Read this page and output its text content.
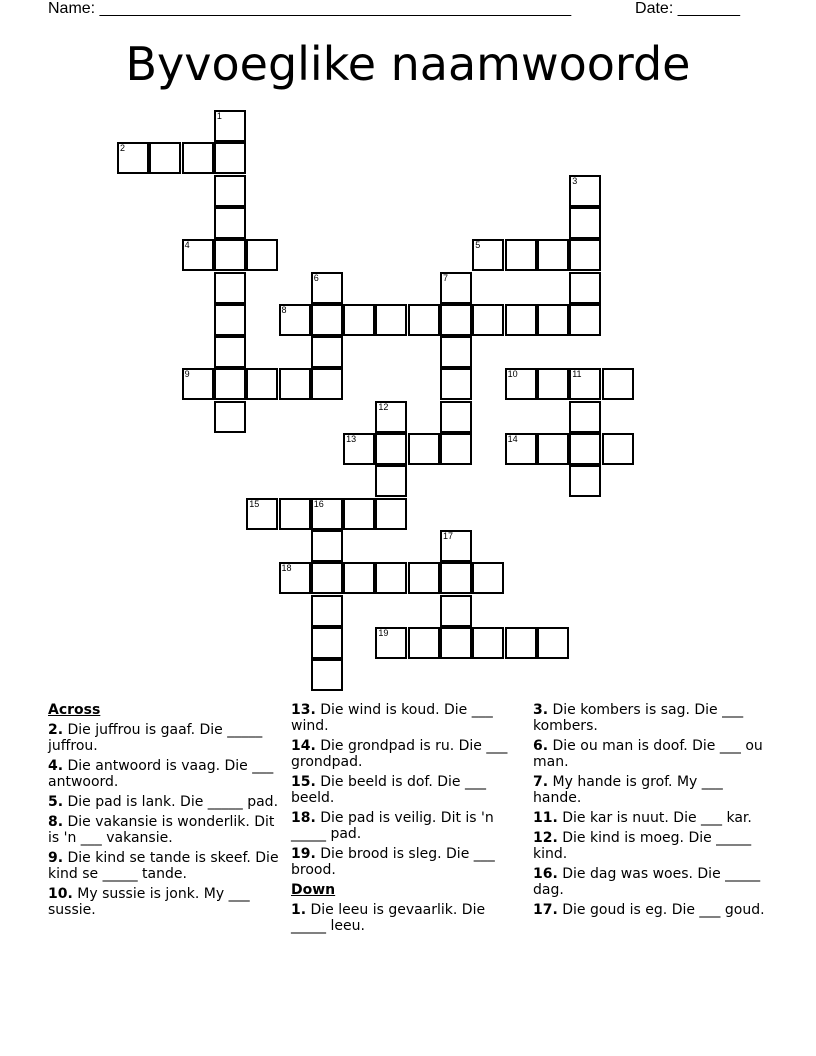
Name: _____________________________________________________	Date: _______
Byvoeglike naamwoorde
1
2
3
4	5
6	7
8
9	10	11
12
13	14
15	16
17
18
19
Across
2. Die juffrou is gaaf. Die _____ juffrou.
4. Die antwoord is vaag. Die ___ antwoord.
5. Die pad is lank. Die _____ pad.
8. Die vakansie is wonderlik. Dit is 'n ___ vakansie.
9. Die kind se tande is skeef. Die kind se _____ tande.
10. My sussie is jonk. My ___ sussie.
13. Die wind is koud. Die ___ wind.
14. Die grondpad is ru. Die ___ grondpad.
15. Die beeld is dof. Die ___ beeld.
18. Die pad is veilig. Dit is 'n _____ pad.
19. Die brood is sleg. Die ___ brood.
Down
1. Die leeu is gevaarlik. Die _____ leeu.
3. Die kombers is sag. Die ___ kombers.
6. Die ou man is doof. Die ___ ou man.
7. My hande is grof. My ___ hande.
11. Die kar is nuut. Die ___ kar.
12. Die kind is moeg. Die _____ kind.
16. Die dag was woes. Die _____ dag.
17. Die goud is eg. Die ___ goud.
